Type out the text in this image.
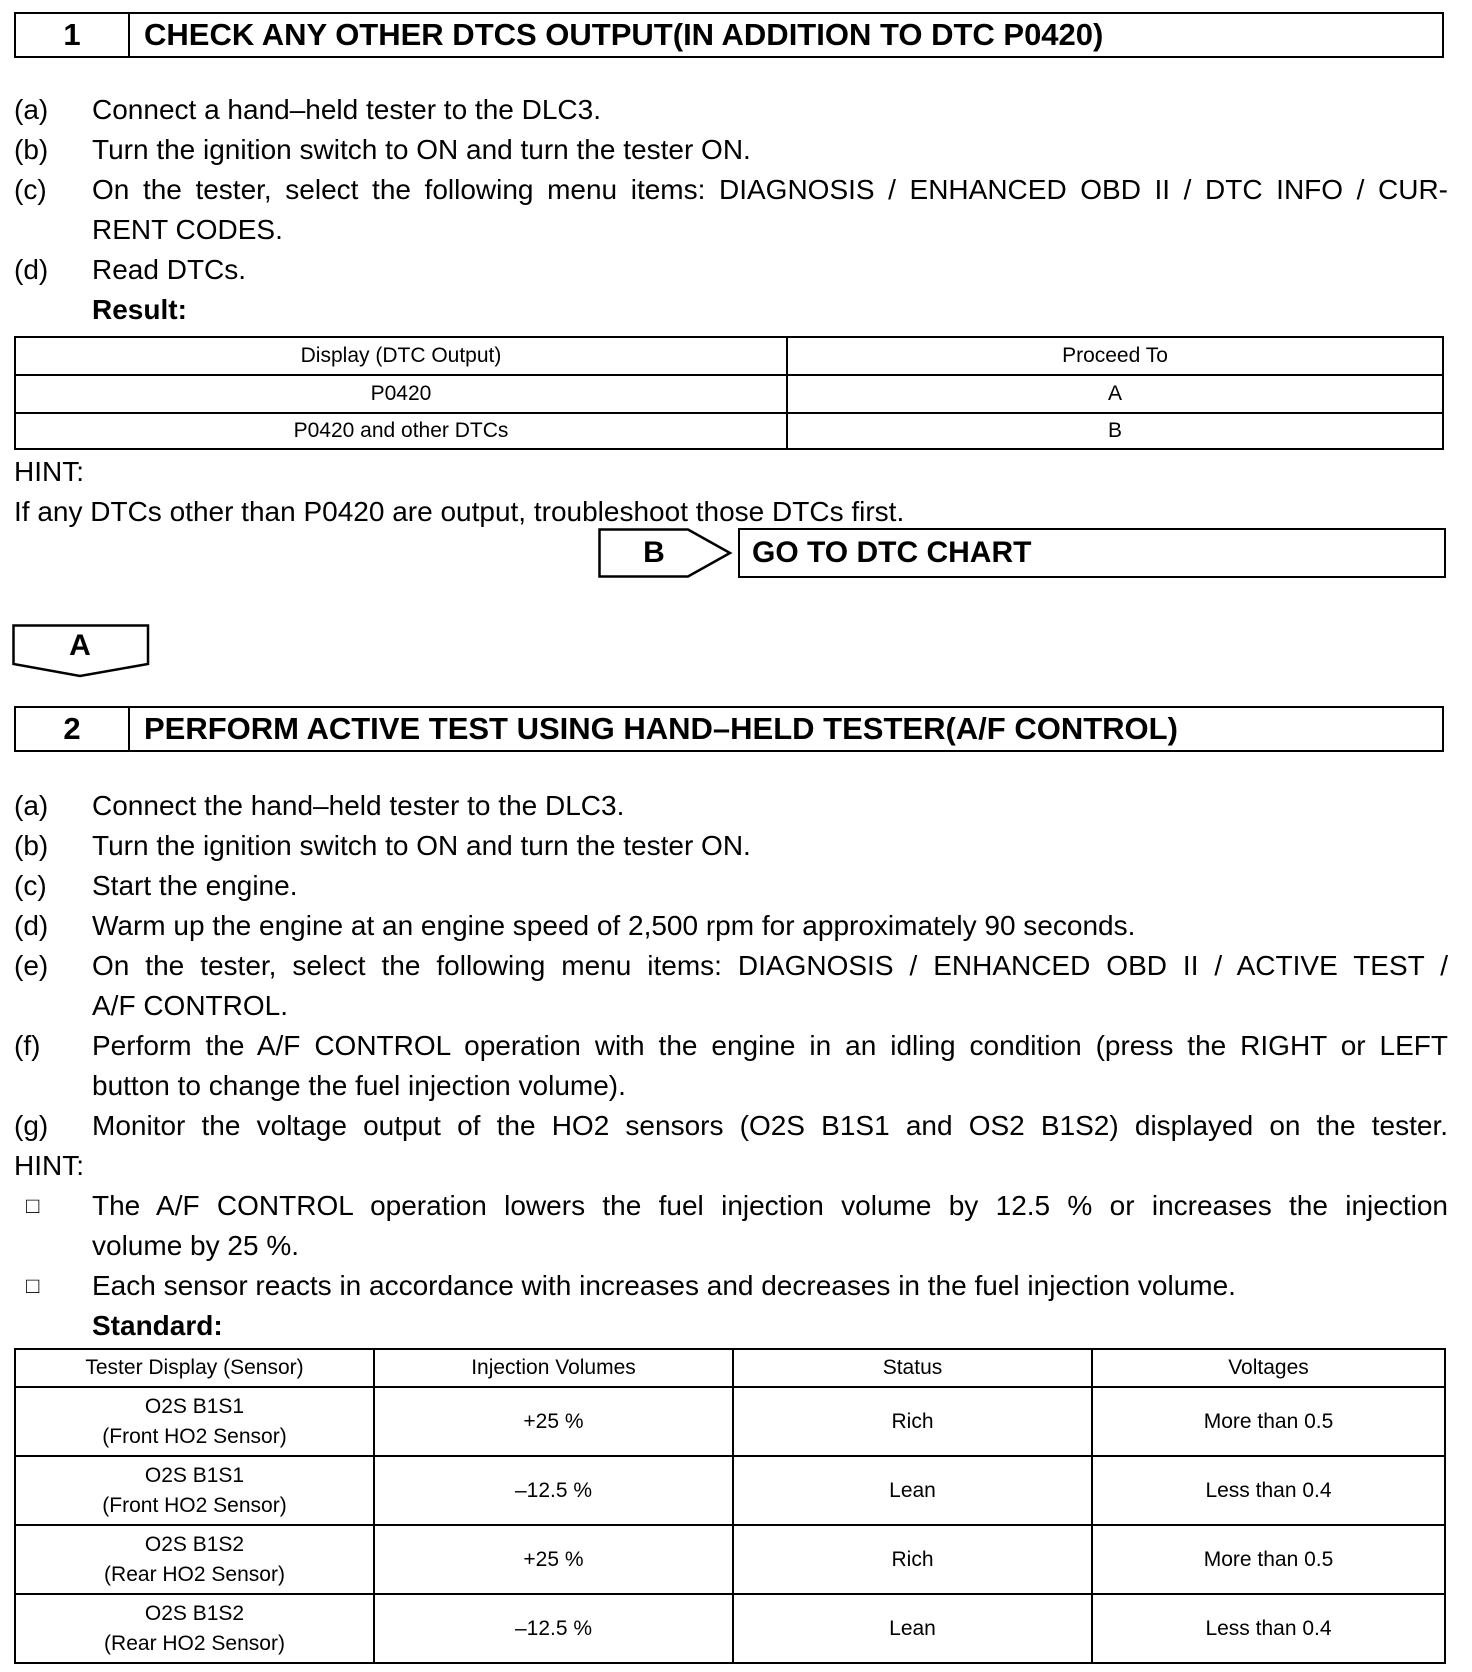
1	CHECK ANY OTHER DTCS OUTPUT(IN ADDITION TO DTC P0420)
(a)	Connect a hand–held tester to the DLC3.
(b)	Turn the ignition switch to ON and turn the tester ON.
(c)	On the tester, select the following menu items: DIAGNOSIS / ENHANCED OBD II / DTC INFO / CUR-
RENT CODES.
(d)	Read DTCs.
Result:
Display (DTC Output)	Proceed To
P0420	A
P0420 and other DTCs	B
HINT:
If any DTCs other than P0420 are output, troubleshoot those DTCs first.
B	GO TO DTC CHART
A
2	PERFORM ACTIVE TEST USING HAND–HELD TESTER(A/F CONTROL)
(a)	Connect the hand–held tester to the DLC3.
(b)	Turn the ignition switch to ON and turn the tester ON.
(c)	Start the engine.
(d)	Warm up the engine at an engine speed of 2,500 rpm for approximately 90 seconds.
(e)	On the tester, select the following menu items: DIAGNOSIS / ENHANCED OBD II / ACTIVE TEST /
A/F CONTROL.
(f)	Perform the A/F CONTROL operation with the engine in an idling condition (press the RIGHT or LEFT
button to change the fuel injection volume).
(g)	Monitor the voltage output of the HO2 sensors (O2S B1S1 and OS2 B1S2) displayed on the tester.
HINT:
□	The A/F CONTROL operation lowers the fuel injection volume by 12.5 % or increases the injection
volume by 25 %.
□	Each sensor reacts in accordance with increases and decreases in the fuel injection volume.
Standard:
Tester Display (Sensor)	Injection Volumes	Status	Voltages

O2S B1S1
(Front HO2 Sensor)	+25 %	Rich	More than 0.5

O2S B1S1
(Front HO2 Sensor)	–12.5 %	Lean	Less than 0.4

O2S B1S2
(Rear HO2 Sensor)	+25 %	Rich	More than 0.5

O2S B1S2
(Rear HO2 Sensor)	–12.5 %	Lean	Less than 0.4
